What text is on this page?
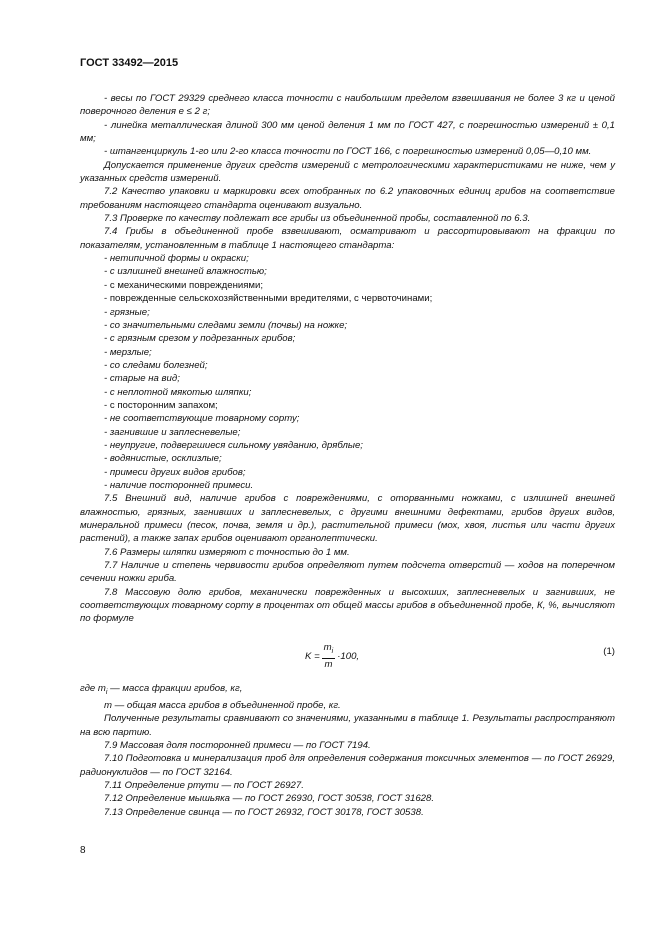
ГОСТ 33492—2015

- весы по ГОСТ 29329 среднего класса точности с наибольшим пределом взвешивания не более 3 кг и ценой поверочного деления e ≤ 2 г;

- линейка металлическая длиной 300 мм ценой деления 1 мм по ГОСТ 427, с погрешностью измерений ± 0,1 мм;

- штангенциркуль 1-го или 2-го класса точности по ГОСТ 166, с погрешностью измерений 0,05—0,10 мм.

Допускается применение других средств измерений с метрологическими характеристиками не ниже, чем у указанных средств измерений.

7.2 Качество упаковки и маркировки всех отобранных по 6.2 упаковочных единиц грибов на соответствие требованиям настоящего стандарта оценивают визуально.

7.3 Проверке по качеству подлежат все грибы из объединенной пробы, составленной по 6.3.

7.4 Грибы в объединенной пробе взвешивают, осматривают и рассортировывают на фракции по показателям, установленным в таблице 1 настоящего стандарта:

- нетипичной формы и окраски;

- с излишней внешней влажностью;

- с механическими повреждениями;

- поврежденные сельскохозяйственными вредителями, с червоточинами;

- грязные;

- со значительными следами земли (почвы) на ножке;

- с грязным срезом у подрезанных грибов;

- мерзлые;

- со следами болезней;

- старые на вид;

- с неплотной мякотью шляпки;

- с посторонним запахом;

- не соответствующие товарному сорту;

- загнившие и заплесневелые;

- неупругие, подвергшиеся сильному увяданию, дряблые;

- водянистые, осклизлые;

- примеси других видов грибов;

- наличие посторонней примеси.

7.5 Внешний вид, наличие грибов с повреждениями, с оторванными ножками, с излишней внешней влажностью, грязных, загнивших и заплесневелых, с другими внешними дефектами, грибов других видов, минеральной примеси (песок, почва, земля и др.), растительной примеси (мох, хвоя, листья или части других растений), а также запах грибов оценивают органолептически.

7.6 Размеры шляпки измеряют с точностью до 1 мм.

7.7 Наличие и степень червивости грибов определяют путем подсчета отверстий — ходов на поперечном сечении ножки гриба.

7.8 Массовую долю грибов, механически поврежденных и высохших, заплесневелых и загнивших, не соответствующих товарному сорту в процентах от общей массы грибов в объединенной пробе, К, %, вычисляют по формуле

$K = \frac{m_i}{m} \cdot 100$,	(1)

где $m_i$ — масса фракции грибов, кг,

m — общая масса грибов в объединенной пробе, кг.

Полученные результаты сравнивают со значениями, указанными в таблице 1. Результаты распространяют на всю партию.

7.9 Массовая доля посторонней примеси — по ГОСТ 7194.

7.10 Подготовка и минерализация проб для определения содержания токсичных элементов — по ГОСТ 26929, радионуклидов — по ГОСТ 32164.

7.11 Определение ртути — по ГОСТ 26927.

7.12 Определение мышьяка — по ГОСТ 26930, ГОСТ 30538, ГОСТ 31628.

7.13 Определение свинца — по ГОСТ 26932, ГОСТ 30178, ГОСТ 30538.

8
